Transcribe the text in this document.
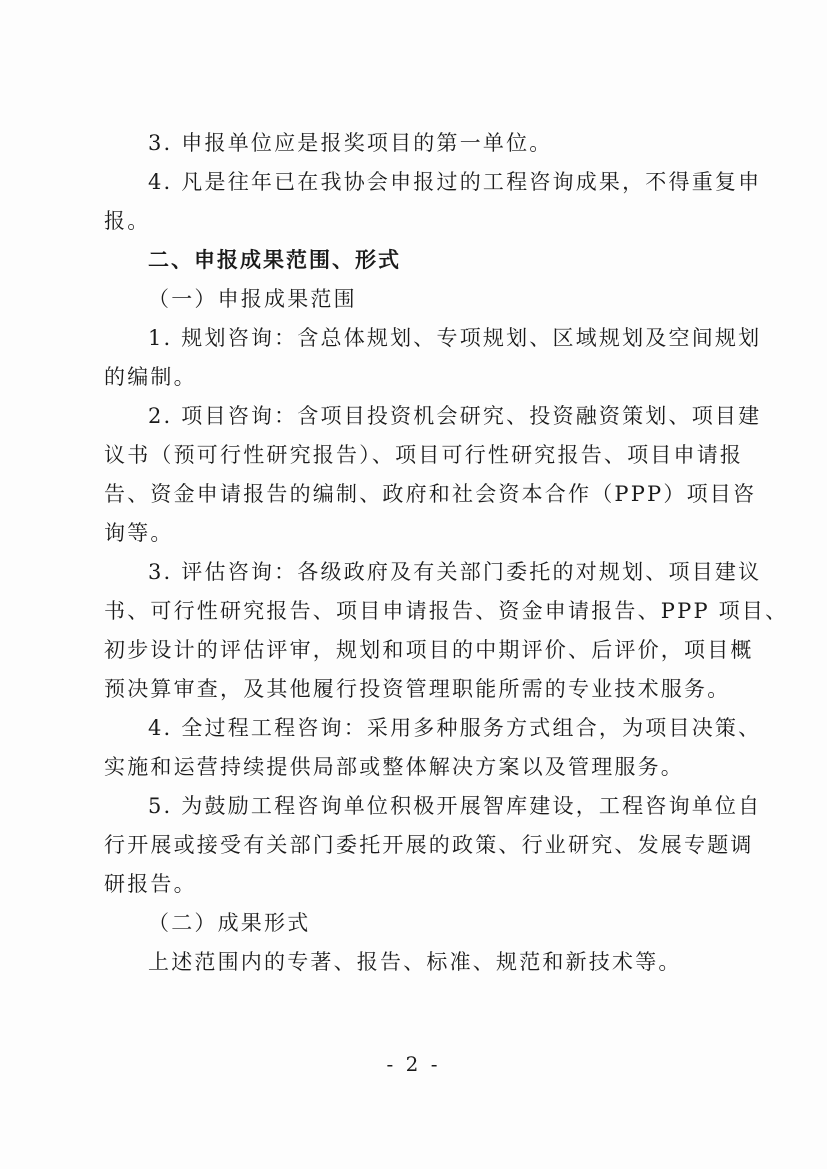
3. 申报单位应是报奖项目的第一单位。
4. 凡是往年已在我协会申报过的工程咨询成果，不得重复申
报。
二、申报成果范围、形式
（一）申报成果范围
1. 规划咨询：含总体规划、专项规划、区域规划及空间规划
的编制。
2. 项目咨询：含项目投资机会研究、投资融资策划、项目建
议书（预可行性研究报告）、项目可行性研究报告、项目申请报
告、资金申请报告的编制、政府和社会资本合作（PPP）项目咨
询等。
3. 评估咨询：各级政府及有关部门委托的对规划、项目建议
书、可行性研究报告、项目申请报告、资金申请报告、PPP 项目、
初步设计的评估评审，规划和项目的中期评价、后评价，项目概
预决算审查，及其他履行投资管理职能所需的专业技术服务。
4. 全过程工程咨询：采用多种服务方式组合，为项目决策、
实施和运营持续提供局部或整体解决方案以及管理服务。
5. 为鼓励工程咨询单位积极开展智库建设，工程咨询单位自
行开展或接受有关部门委托开展的政策、行业研究、发展专题调
研报告。
（二）成果形式
上述范围内的专著、报告、标准、规范和新技术等。
- 2 -
